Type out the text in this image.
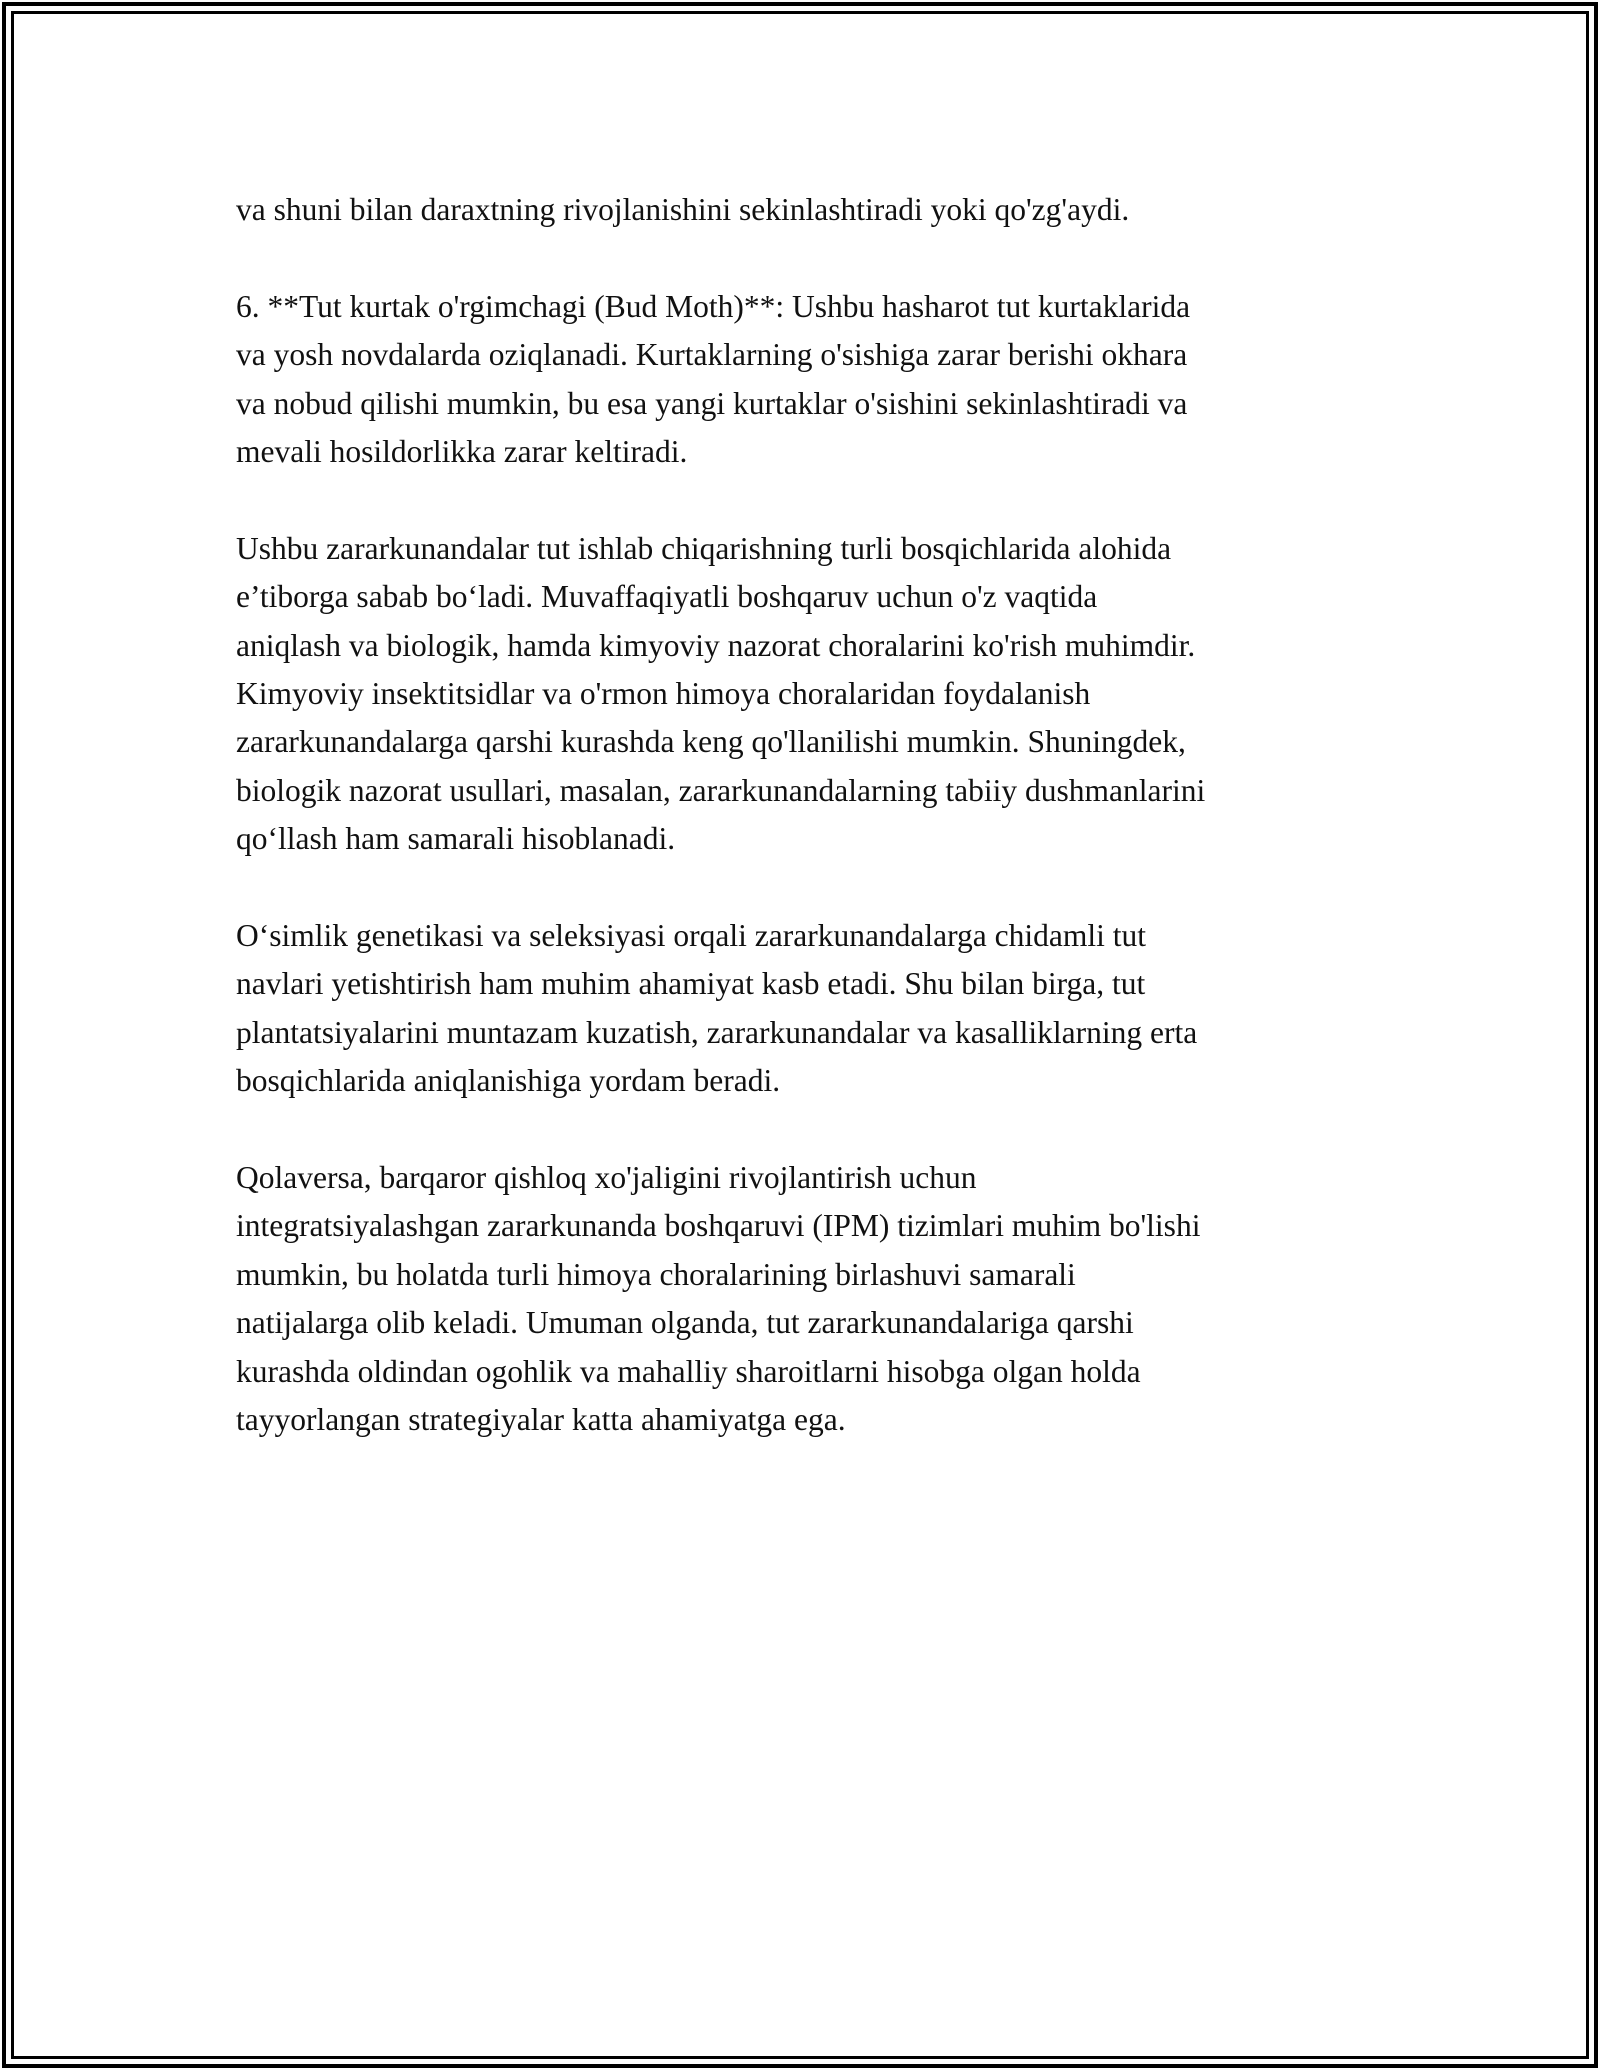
va shuni bilan daraxtning rivojlanishini sekinlashtiradi yoki qo'zg'aydi.

6. **Tut kurtak o'rgimchagi (Bud Moth)**: Ushbu hasharot tut kurtaklarida
va yosh novdalarda oziqlanadi. Kurtaklarning o'sishiga zarar berishi okhara
va nobud qilishi mumkin, bu esa yangi kurtaklar o'sishini sekinlashtiradi va
mevali hosildorlikka zarar keltiradi.

Ushbu zararkunandalar tut ishlab chiqarishning turli bosqichlarida alohida
e’tiborga sabab bo‘ladi. Muvaffaqiyatli boshqaruv uchun o'z vaqtida
aniqlash va biologik, hamda kimyoviy nazorat choralarini ko'rish muhimdir.
Kimyoviy insektitsidlar va o'rmon himoya choralaridan foydalanish
zararkunandalarga qarshi kurashda keng qo'llanilishi mumkin. Shuningdek,
biologik nazorat usullari, masalan, zararkunandalarning tabiiy dushmanlarini
qo‘llash ham samarali hisoblanadi.

O‘simlik genetikasi va seleksiyasi orqali zararkunandalarga chidamli tut
navlari yetishtirish ham muhim ahamiyat kasb etadi. Shu bilan birga, tut
plantatsiyalarini muntazam kuzatish, zararkunandalar va kasalliklarning erta
bosqichlarida aniqlanishiga yordam beradi.

Qolaversa, barqaror qishloq xo'jaligini rivojlantirish uchun
integratsiyalashgan zararkunanda boshqaruvi (IPM) tizimlari muhim bo'lishi
mumkin, bu holatda turli himoya choralarining birlashuvi samarali
natijalarga olib keladi. Umuman olganda, tut zararkunandalariga qarshi
kurashda oldindan ogohlik va mahalliy sharoitlarni hisobga olgan holda
tayyorlangan strategiyalar katta ahamiyatga ega.
